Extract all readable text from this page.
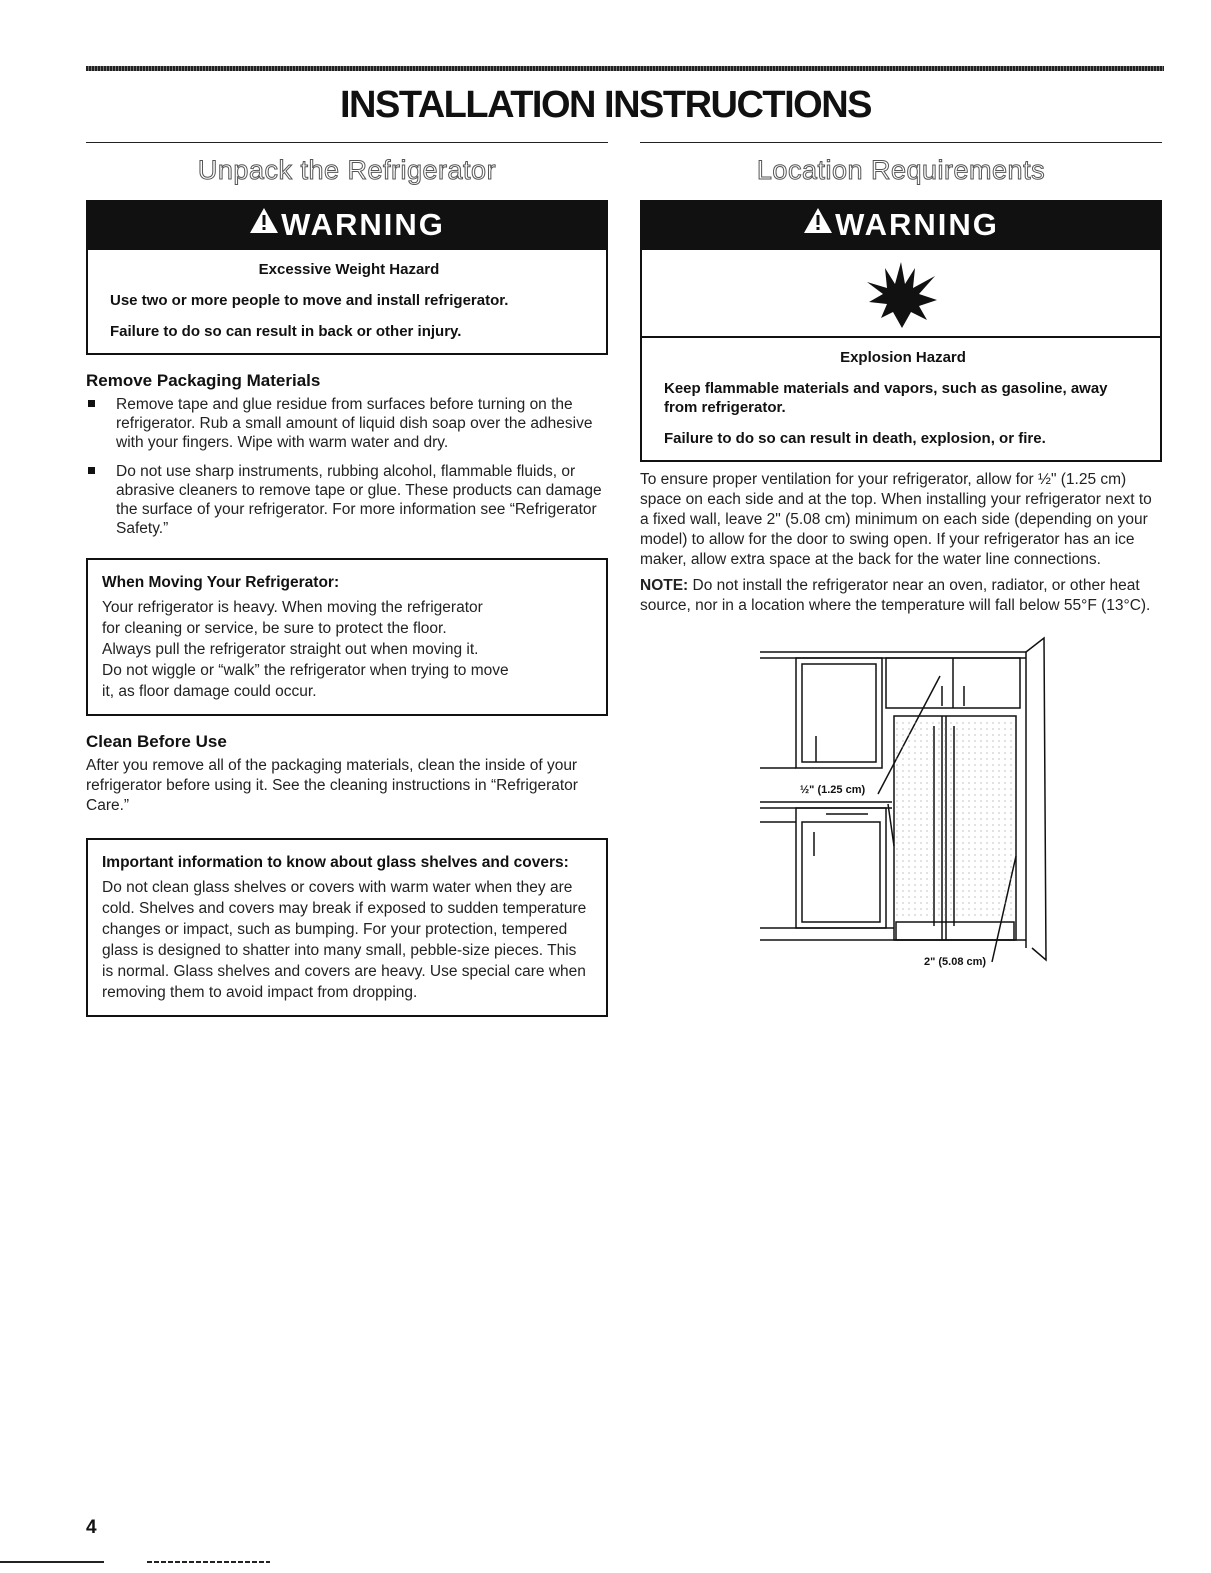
INSTALLATION INSTRUCTIONS
Unpack the Refrigerator
WARNING

Excessive Weight Hazard

Use two or more people to move and install refrigerator.

Failure to do so can result in back or other injury.

Remove Packaging Materials
Remove tape and glue residue from surfaces before turning on the refrigerator. Rub a small amount of liquid dish soap over the adhesive with your fingers. Wipe with warm water and dry.
Do not use sharp instruments, rubbing alcohol, flammable fluids, or abrasive cleaners to remove tape or glue. These products can damage the surface of your refrigerator. For more information see “Refrigerator Safety.”

When Moving Your Refrigerator:

Your refrigerator is heavy. When moving the refrigerator

for cleaning or service, be sure to protect the floor.

Always pull the refrigerator straight out when moving it.

Do not wiggle or “walk” the refrigerator when trying to move

it, as floor damage could occur.

Clean Before Use

After you remove all of the packaging materials, clean the inside of your refrigerator before using it. See the cleaning instructions in “Refrigerator Care.”

Important information to know about glass shelves and covers:

Do not clean glass shelves or covers with warm water when they are cold. Shelves and covers may break if exposed to sudden temperature changes or impact, such as bumping. For your protection, tempered glass is designed to shatter into many small, pebble-size pieces. This is normal. Glass shelves and covers are heavy. Use special care when removing them to avoid impact from dropping.

Location Requirements
WARNING

Explosion Hazard

Keep flammable materials and vapors, such as gasoline, away from refrigerator.

Failure to do so can result in death, explosion, or fire.

To ensure proper ventilation for your refrigerator, allow for ½" (1.25 cm) space on each side and at the top. When installing your refrigerator next to a fixed wall, leave 2" (5.08 cm) minimum on each side (depending on your model) to allow for the door to swing open. If your refrigerator has an ice maker, allow extra space at the back for the water line connections.

NOTE: Do not install the refrigerator near an oven, radiator, or other heat source, nor in a location where the temperature will fall below 55°F (13°C).

½" (1.25 cm)
2" (5.08 cm)
4
